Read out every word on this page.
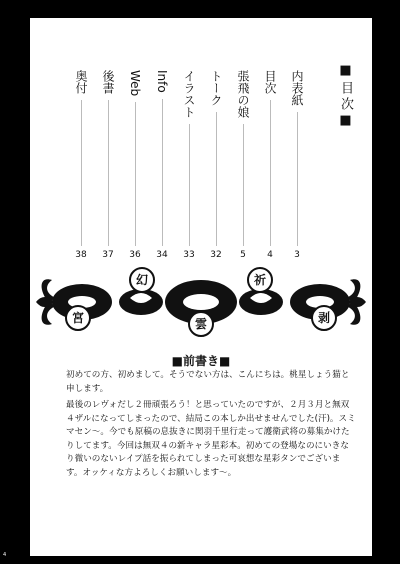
■目次■
内表紙
3
目次
4
張飛の娘
5
トーク
32
イラスト
33
Info
34
Web
36
後書
37
奥付
38
宮
幻
雲
祈
剥
■前書き■

初めての方、初めまして。そうでない方は、こんにちは。桃星しょう猫と申します。

最後のレヴォだし２冊頑張ろう！と思っていたのですが、２月３月と無双４ザルになってしまったので、結局この本しか出せませんでした(汗)。スミマセン〜。今でも原稿の息抜きに関羽千里行走って護衛武将の募集かけたりしてます。今回は無双４の新キャラ星彩本。初めての登場なのにいきなり微いのないレイプ話を振られてしまった可哀想な星彩タンでございます。オッケィな方よろしくお願いします〜。

4
